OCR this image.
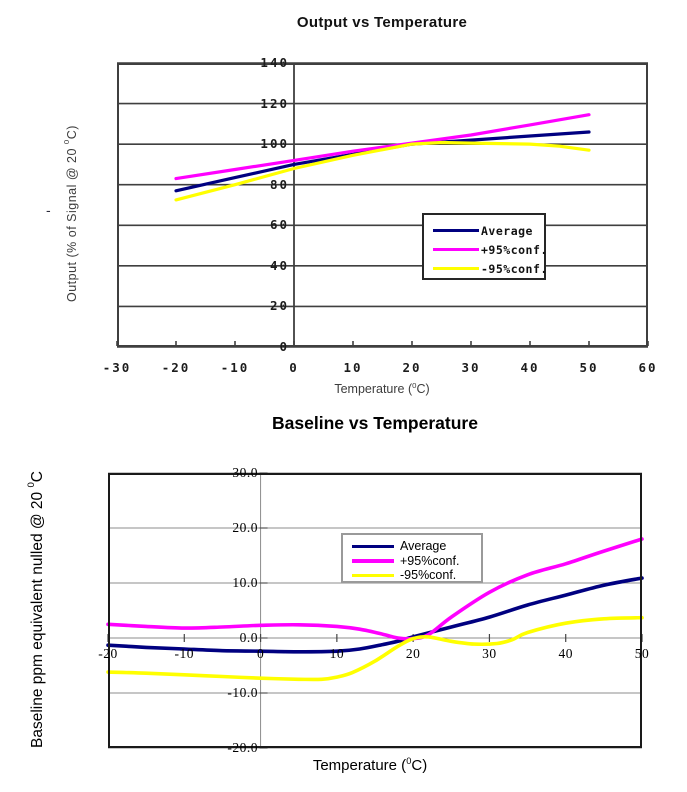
Output vs Temperature
Output (% of Signal @ 20 $^0$C)
-
-30	-20	-10	0	10	20	30	40	50	60
140
120
100
80
60
40
20
0
Average
+95%conf.
-95%conf.
Temperature ($^0$C)
Baseline vs Temperature
Baseline ppm equivalent nulled @ 20 $^0$C
-20	-10	0	10	20	30	40	50
30.0
20.0
10.0
0.0
-10.0
-20.0
Average
+95%conf.
-95%conf.
Temperature ($^0$C)
